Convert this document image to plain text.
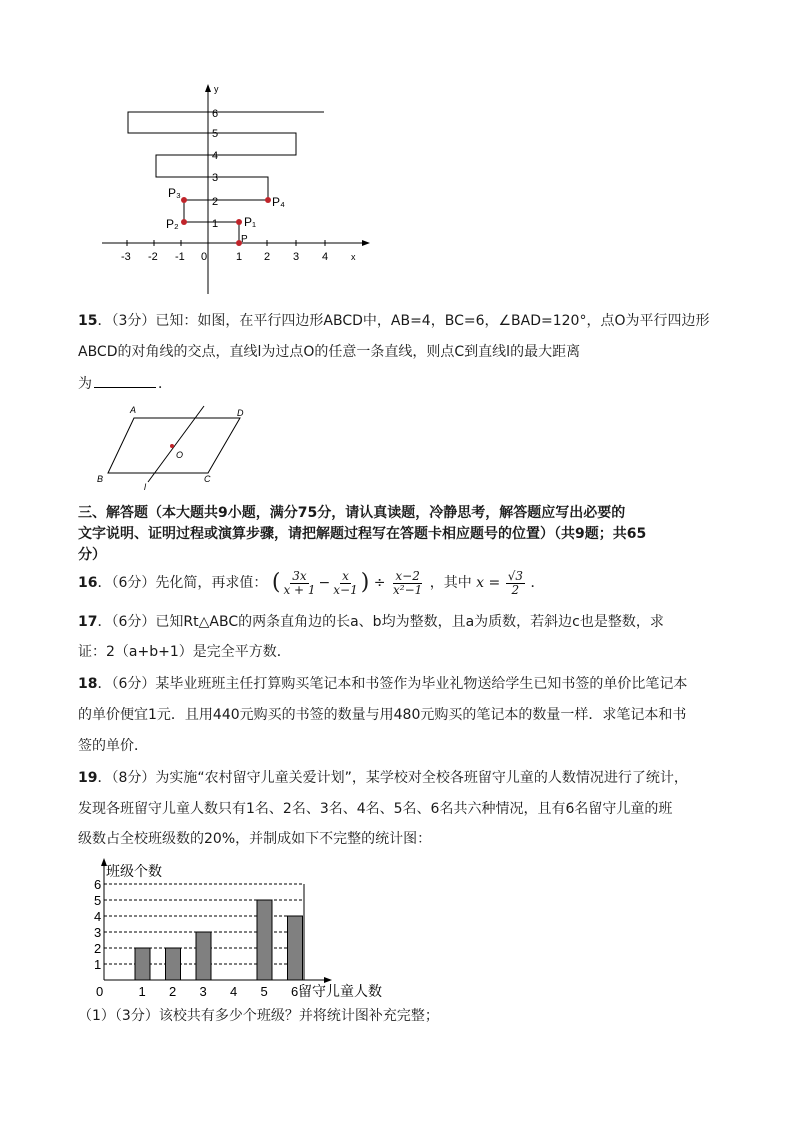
x
y
-3 -2 -1 0	1 2 3 4
1
2
3
4
5
6
P
P₁
P₂
P₃
P₄
15．（3分）已知：如图，在平行四边形ABCD中，AB=4，BC=6，∠BAD=120°，点O为平行四边形
ABCD的对角线的交点，直线l为过点O的任意一条直线，则点C到直线l的最大距离
为	．
A	D
O
B	C
l
三、解答题（本大题共9小题，满分75分，请认真读题，冷静思考，解答题应写出必要的
文字说明、证明过程或演算步骤，请把解题过程写在答题卡相应题号的位置）（共9题；共65
分）
16．（6分）先化简，再求值： ( $\frac{3x}{x + 1} - \frac{x}{x-1}$ ) ÷ $\frac{x-2}{\text{x²−1}}$ ，其中 $x = \frac{√3}{2}$ ．
17．（6分）已知Rt△ABC的两条直角边的长a、b均为整数，且a为质数，若斜边c也是整数，求
证：2（a+b+1）是完全平方数．
18．（6分）某毕业班班主任打算购买笔记本和书签作为毕业礼物送给学生已知书签的单价比笔记本
的单价便宜1元．且用440元购买的书签的数量与用480元购买的笔记本的数量一样．求笔记本和书
签的单价．
19．（8分）为实施“农村留守儿童关爱计划”，某学校对全校各班留守儿童的人数情况进行了统计，
发现各班留守儿童人数只有1名、2名、3名、4名、5名、6名共六种情况，且有6名留守儿童的班
级数占全校班级数的20%，并制成如下不完整的统计图：
班级个数
留守儿童人数
0
1
2
3
4
5
6
1 2 3 4 5 6
（1）（3分）该校共有多少个班级？并将统计图补充完整；
